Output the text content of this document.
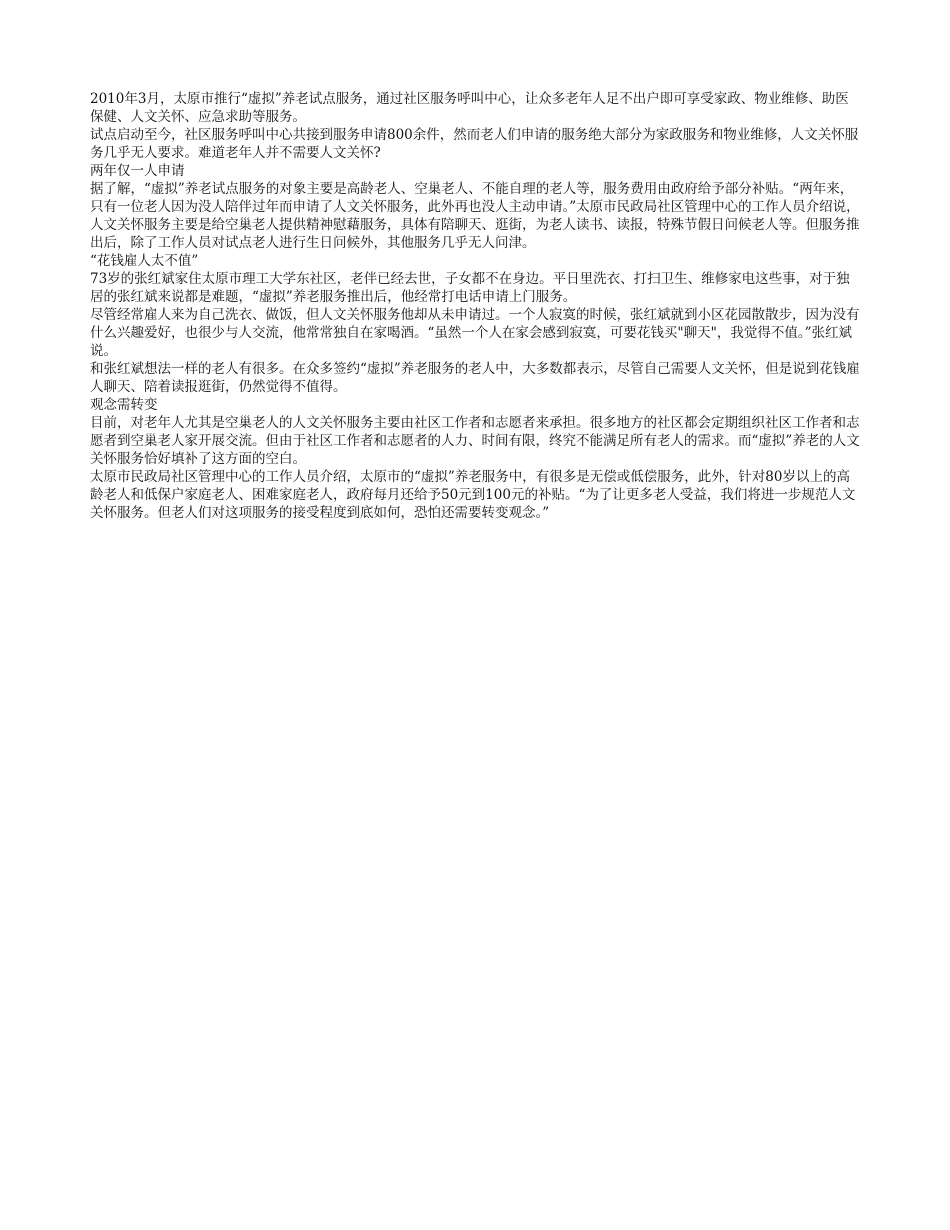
2010年3月，太原市推行“虚拟”养老试点服务，通过社区服务呼叫中心，让众多老年人足不出户即可享受家政、物业维修、助医保健、人文关怀、应急求助等服务。

试点启动至今，社区服务呼叫中心共接到服务申请800余件，然而老人们申请的服务绝大部分为家政服务和物业维修，人文关怀服务几乎无人要求。难道老年人并不需要人文关怀?

两年仅一人申请

据了解，“虚拟”养老试点服务的对象主要是高龄老人、空巢老人、不能自理的老人等，服务费用由政府给予部分补贴。“两年来，只有一位老人因为没人陪伴过年而申请了人文关怀服务，此外再也没人主动申请。”太原市民政局社区管理中心的工作人员介绍说，人文关怀服务主要是给空巢老人提供精神慰藉服务，具体有陪聊天、逛街，为老人读书、读报，特殊节假日问候老人等。但服务推出后，除了工作人员对试点老人进行生日问候外，其他服务几乎无人问津。

“花钱雇人太不值”

73岁的张红斌家住太原市理工大学东社区，老伴已经去世，子女都不在身边。平日里洗衣、打扫卫生、维修家电这些事，对于独居的张红斌来说都是难题，“虚拟”养老服务推出后，他经常打电话申请上门服务。

尽管经常雇人来为自己洗衣、做饭，但人文关怀服务他却从未申请过。一个人寂寞的时候，张红斌就到小区花园散散步，因为没有什么兴趣爱好，也很少与人交流，他常常独自在家喝酒。“虽然一个人在家会感到寂寞，可要花钱买"聊天"，我觉得不值。”张红斌说。

和张红斌想法一样的老人有很多。在众多签约“虚拟”养老服务的老人中，大多数都表示，尽管自己需要人文关怀，但是说到花钱雇人聊天、陪着读报逛街，仍然觉得不值得。

观念需转变

目前，对老年人尤其是空巢老人的人文关怀服务主要由社区工作者和志愿者来承担。很多地方的社区都会定期组织社区工作者和志愿者到空巢老人家开展交流。但由于社区工作者和志愿者的人力、时间有限，终究不能满足所有老人的需求。而“虚拟”养老的人文关怀服务恰好填补了这方面的空白。

太原市民政局社区管理中心的工作人员介绍，太原市的“虚拟”养老服务中，有很多是无偿或低偿服务，此外，针对80岁以上的高龄老人和低保户家庭老人、困难家庭老人，政府每月还给予50元到100元的补贴。“为了让更多老人受益，我们将进一步规范人文关怀服务。但老人们对这项服务的接受程度到底如何，恐怕还需要转变观念。”
